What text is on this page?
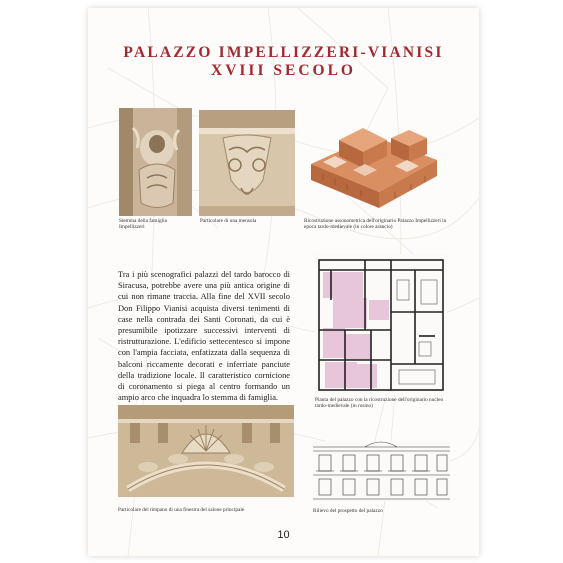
PALAZZO IMPELLIZZERI-VIANISI
XVIII SECOLO
Stemma della famiglia Impellizzeri
Particolare di una mensola	Ricostruzione assonometrica dell'originario Palazzo Impellizzeri in epoca tardo-medievale (in colore arancio)
Tra i più scenografici palazzi del tardo barocco di Siracusa, potrebbe avere una più antica origine di cui non rimane traccia. Alla fine del XVII secolo Don Filippo Vianisi acquista diversi tenimenti di case nella contrada dei Santi Coronati, da cui è presumibile ipotizzare successivi interventi di ristrutturazione. L'edificio settecentesco si impone con l'ampia facciata, enfatizzata dalla sequenza di balconi riccamente decorati e inferriate panciute della tradizione locale. Il caratteristico cornicione di coronamento si piega al centro formando un ampio arco che inquadra lo stemma di famiglia.	Pianta del palazzo con la ricostruzione dell'originario nucleo tardo-medievale (in rosino)
Particolare del timpano di una finestra del salone principale	Rilievo del prospetto del palazzo
10
